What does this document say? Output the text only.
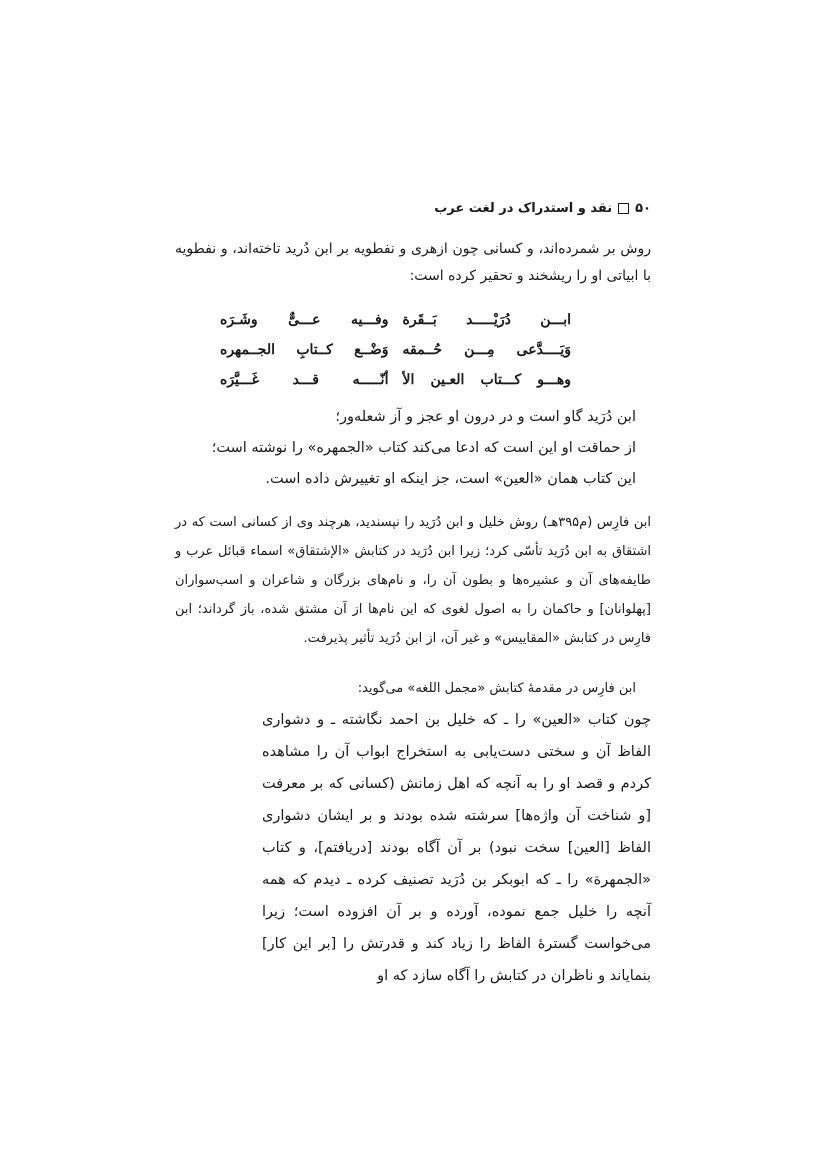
۵۰
نقد و استدراک در لغت عرب
روش بر شمرده‌اند، و کسانی چون ازهری و نفطویه بر ابن دُرید تاخته‌اند، و نفطویه با ابیاتی او را ریشخند و تحقیر کرده است:
ابـــن دُرَیْـــــد بَــقَرة
وفـــیه عـــیٌّ وشَـرَه
وَیَــــدَّعی مِـــن حُــمقه
وَضْــع کــتابِ الجــمهره
وهـــو کـــتاب العـین الأ
أنّـــــه قـــد غَـــیَّرَه
ابن دُرَید گاو است و در درون او عجز و آز شعله‌ور؛
از حماقت او این است که ادعا می‌کند کتاب «الجمهره» را نوشته است؛
این کتاب همان «العین» است، جز اینکه او تغییرش داده است.
ابن فارِس (م۳۹۵هـ) روش خلیل و ابن دُرَید را نپسندید، هرچند وی از کسانی است که در اشتقاق به ابن دُرَید تأسّی کرد؛ زیرا ابن دُرَید در کتابش «الإشتقاق» اسماء قبائل عرب و طایفه‌های آن و عشیره‌ها و بطون آن را، و نام‌های بزرگان و شاعران و اسب‌سواران [پهلوانان] و حاکمان را به اصول لغوی که این نام‌ها از آن مشتق شده، باز گرداند؛ ابن فارِس در کتابش «المقاییس» و غیر آن، از ابن دُرَید تأثیر پذیرفت.
ابن فارِس در مقدمهٔ کتابش «مجمل اللغه» می‌گوید:
چون کتاب «العین» را ـ که خلیل بن احمد نگاشته ـ و دشواری الفاظ آن و سختی دست‌یابی به استخراج ابواب آن را مشاهده کردم و قصد او را به آنچه که اهل زمانش (کسانی که بر معرفت [و شناخت آن واژه‌ها] سرشته شده بودند و بر ایشان دشواری الفاظ [العین] سخت نبود) بر آن آگاه بودند [دریافتم]، و کتاب «الجمهرة» را ـ که ابوبکر بن دُرَید تصنیف کرده ـ دیدم که همه آنچه را خلیل جمع نموده، آورده و بر آن افزوده است؛ زیرا می‌خواست گسترهٔ الفاظ را زیاد کند و قدرتش را [بر این کار] بنمایاند و ناظران در کتابش را آگاه سازد که او
